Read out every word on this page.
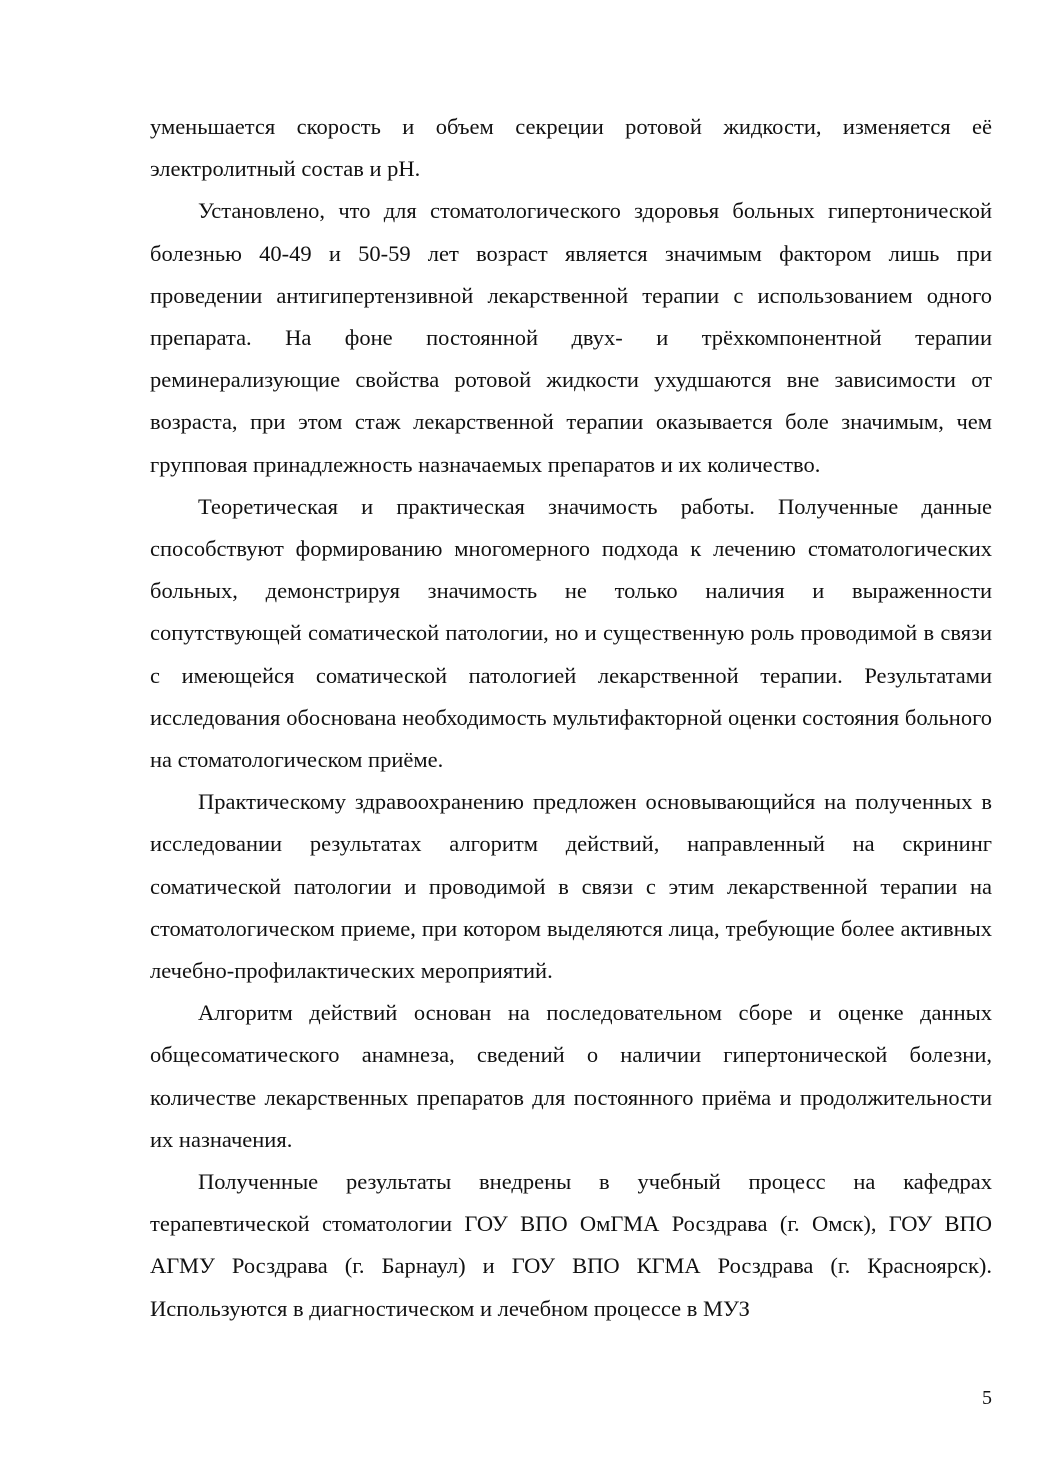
уменьшается скорость и объем секреции ротовой жидкости, изменяется её электролитный состав и pH.

Установлено, что для стоматологического здоровья больных гипертонической болезнью 40-49 и 50-59 лет возраст является значимым фактором лишь при проведении антигипертензивной лекарственной терапии с использованием одного препарата. На фоне постоянной двух- и трёхкомпонентной терапии реминерализующие свойства ротовой жидкости ухудшаются вне зависимости от возраста, при этом стаж лекарственной терапии оказывается боле значимым, чем групповая принадлежность назначаемых препаратов и их количество.

Теоретическая и практическая значимость работы. Полученные данные способствуют формированию многомерного подхода к лечению стоматологических больных, демонстрируя значимость не только наличия и выраженности сопутствующей соматической патологии, но и существенную роль проводимой в связи с имеющейся соматической патологией лекарственной терапии. Результатами исследования обоснована необходимость мультифакторной оценки состояния больного на стоматологическом приёме.

Практическому здравоохранению предложен основывающийся на полученных в исследовании результатах алгоритм действий, направленный на скрининг соматической патологии и проводимой в связи с этим лекарственной терапии на стоматологическом приеме, при котором выделяются лица, требующие более активных лечебно-профилактических мероприятий.

Алгоритм действий основан на последовательном сборе и оценке данных общесоматического анамнеза, сведений о наличии гипертонической болезни, количестве лекарственных препаратов для постоянного приёма и продолжительности их назначения.

Полученные результаты внедрены в учебный процесс на кафедрах терапевтической стоматологии ГОУ ВПО ОмГМА Росздрава (г. Омск), ГОУ ВПО АГМУ Росздрава (г. Барнаул) и ГОУ ВПО КГМА Росздрава (г. Красноярск). Используются в диагностическом и лечебном процессе в МУЗ

5
